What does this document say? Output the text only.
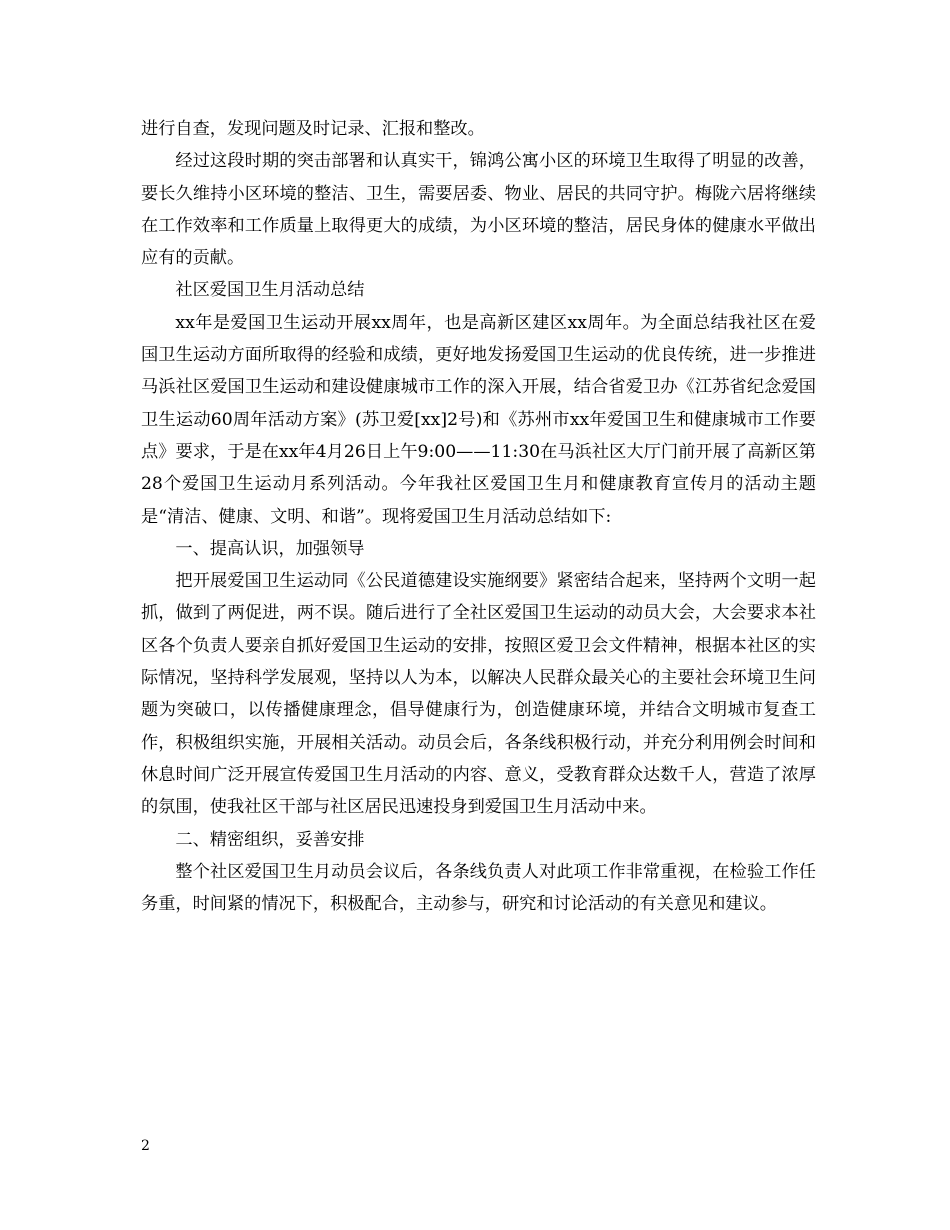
进行自查，发现问题及时记录、汇报和整改。

经过这段时期的突击部署和认真实干，锦鸿公寓小区的环境卫生取得了明显的改善，要长久维持小区环境的整洁、卫生，需要居委、物业、居民的共同守护。梅陇六居将继续在工作效率和工作质量上取得更大的成绩，为小区环境的整洁，居民身体的健康水平做出应有的贡献。

社区爱国卫生月活动总结

xx年是爱国卫生运动开展xx周年，也是高新区建区xx周年。为全面总结我社区在爱国卫生运动方面所取得的经验和成绩，更好地发扬爱国卫生运动的优良传统，进一步推进马浜社区爱国卫生运动和建设健康城市工作的深入开展，结合省爱卫办《江苏省纪念爱国卫生运动60周年活动方案》(苏卫爱[xx]2号)和《苏州市xx年爱国卫生和健康城市工作要点》要求，于是在xx年4月26日上午9:00——11:30在马浜社区大厅门前开展了高新区第28个爱国卫生运动月系列活动。今年我社区爱国卫生月和健康教育宣传月的活动主题是“清洁、健康、文明、和谐”。现将爱国卫生月活动总结如下:

一、提高认识，加强领导

把开展爱国卫生运动同《公民道德建设实施纲要》紧密结合起来，坚持两个文明一起抓，做到了两促进，两不误。随后进行了全社区爱国卫生运动的动员大会，大会要求本社区各个负责人要亲自抓好爱国卫生运动的安排，按照区爱卫会文件精神，根据本社区的实际情况，坚持科学发展观，坚持以人为本，以解决人民群众最关心的主要社会环境卫生问题为突破口，以传播健康理念，倡导健康行为，创造健康环境，并结合文明城市复查工作，积极组织实施，开展相关活动。动员会后，各条线积极行动，并充分利用例会时间和休息时间广泛开展宣传爱国卫生月活动的内容、意义，受教育群众达数千人，营造了浓厚的氛围，使我社区干部与社区居民迅速投身到爱国卫生月活动中来。

二、精密组织，妥善安排

整个社区爱国卫生月动员会议后，各条线负责人对此项工作非常重视，在检验工作任务重，时间紧的情况下，积极配合，主动参与，研究和讨论活动的有关意见和建议。

2
